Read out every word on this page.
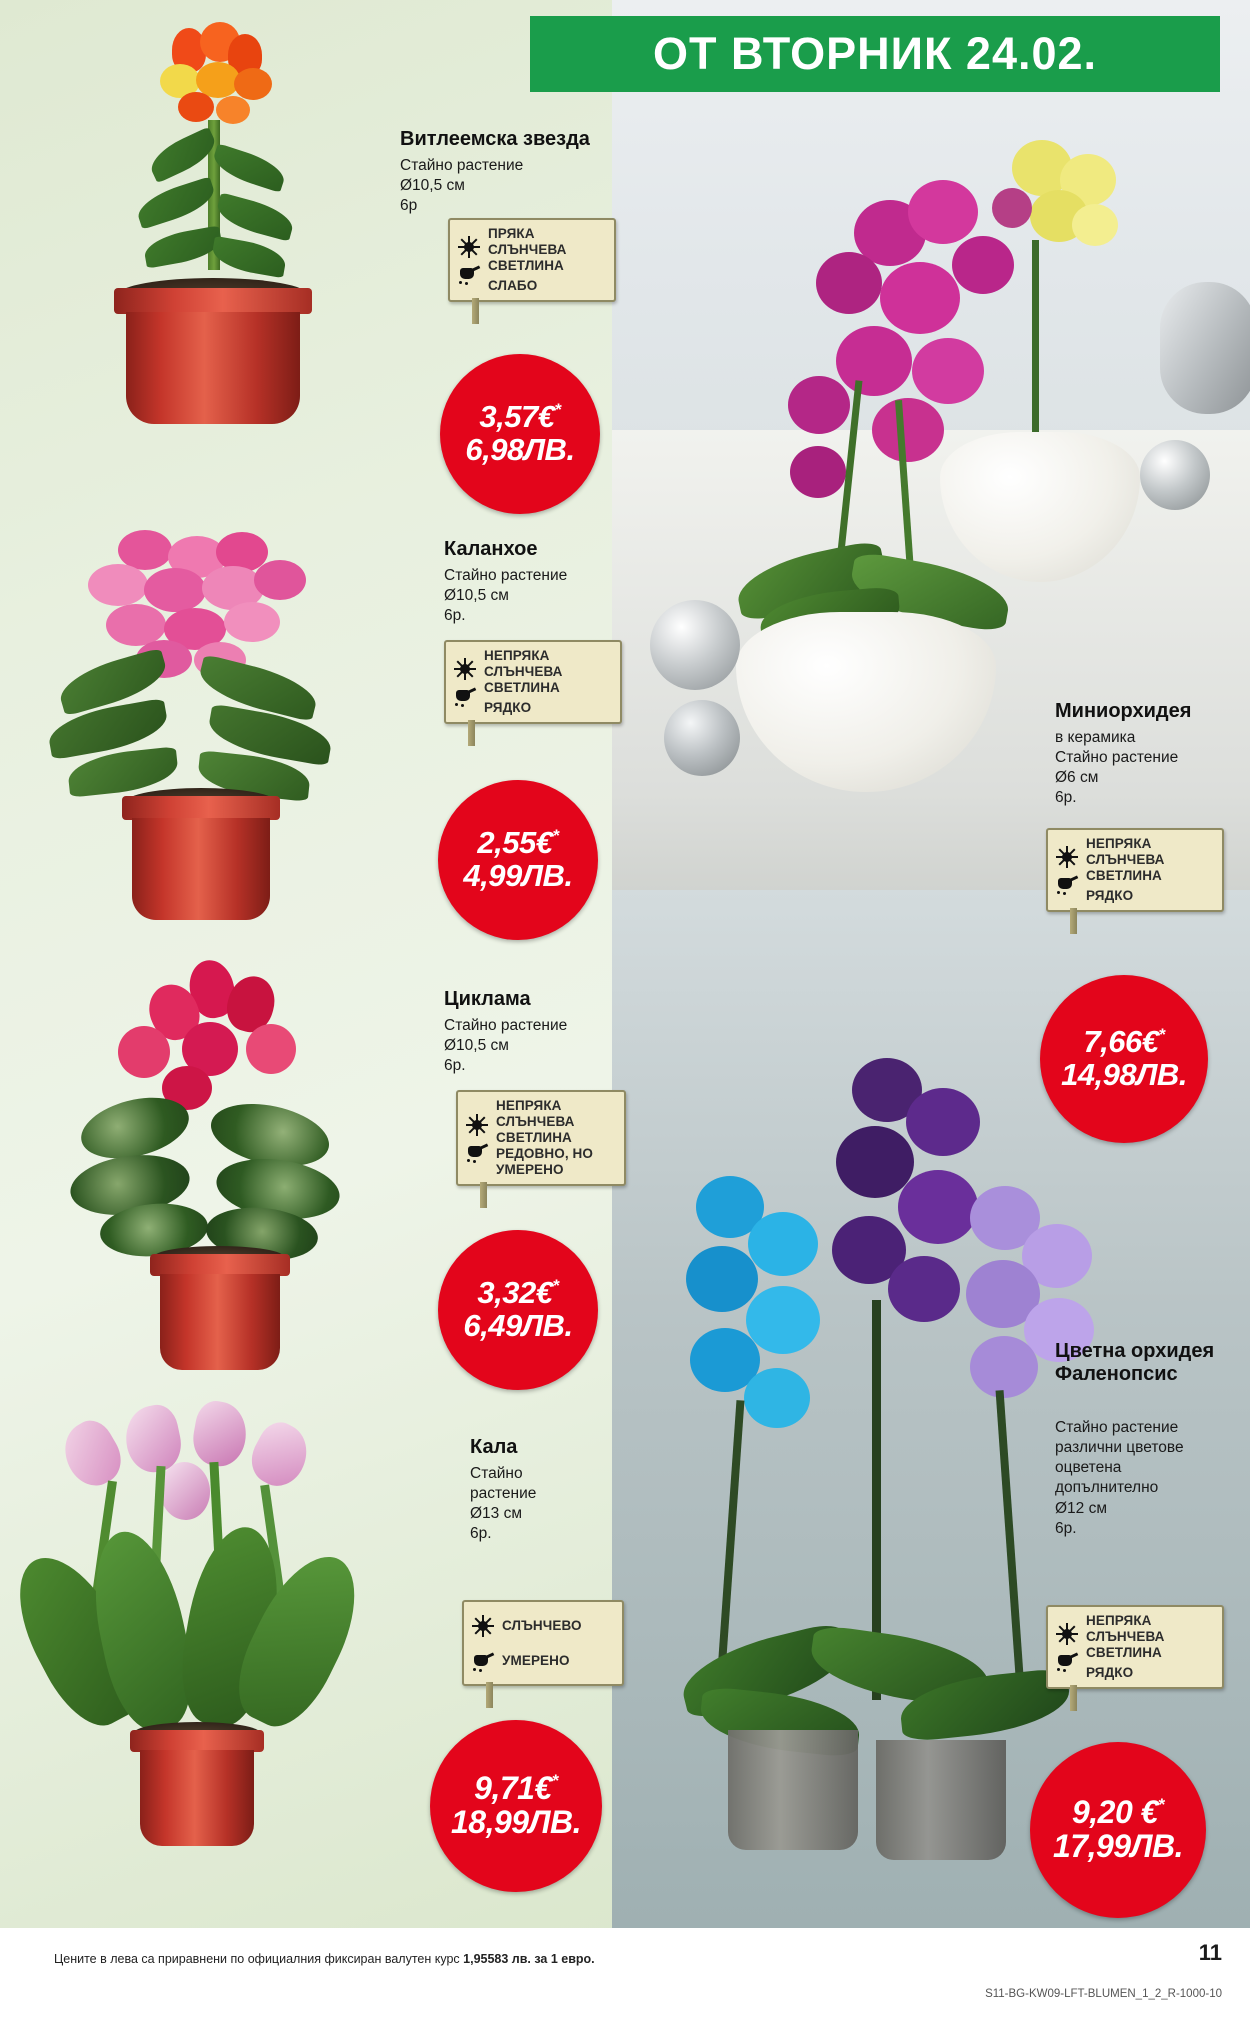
ОТ ВТОРНИК 24.02.
Витлеемска звезда
Стайно растение
Ø10,5 см
6р
ПРЯКА
СЛЪНЧЕВА
СВЕТЛИНА
СЛАБО
3,57€*
6,98ЛВ.
Каланхое
Стайно растение
Ø10,5 см
6р.
НЕПРЯКА
СЛЪНЧЕВА
СВЕТЛИНА
РЯДКО
2,55€*
4,99ЛВ.
Циклама
Стайно растение
Ø10,5 см
6р.
НЕПРЯКА
СЛЪНЧЕВА
СВЕТЛИНА
РЕДОВНО, НО УМЕРЕНО
3,32€*
6,49ЛВ.
Кала
Стайно
растение
Ø13 см
6р.
СЛЪНЧЕВО
УМЕРЕНО
9,71€*
18,99ЛВ.
Миниорхидея
в керамика
Стайно растение
Ø6 см
6р.
НЕПРЯКА
СЛЪНЧЕВА
СВЕТЛИНА
РЯДКО
7,66€*
14,98ЛВ.
Цветна орхидея Фаленопсис
Стайно растение
различни цветове
оцветена
допълнително
Ø12 см
6р.
НЕПРЯКА
СЛЪНЧЕВА
СВЕТЛИНА
РЯДКО
9,20 €*
17,99ЛВ.
Цените в лева са приравнени по официалния фиксиран валутен курс 1,95583 лв. за 1 евро.	11
S11-BG-KW09-LFT-BLUMEN_1_2_R-1000-10
